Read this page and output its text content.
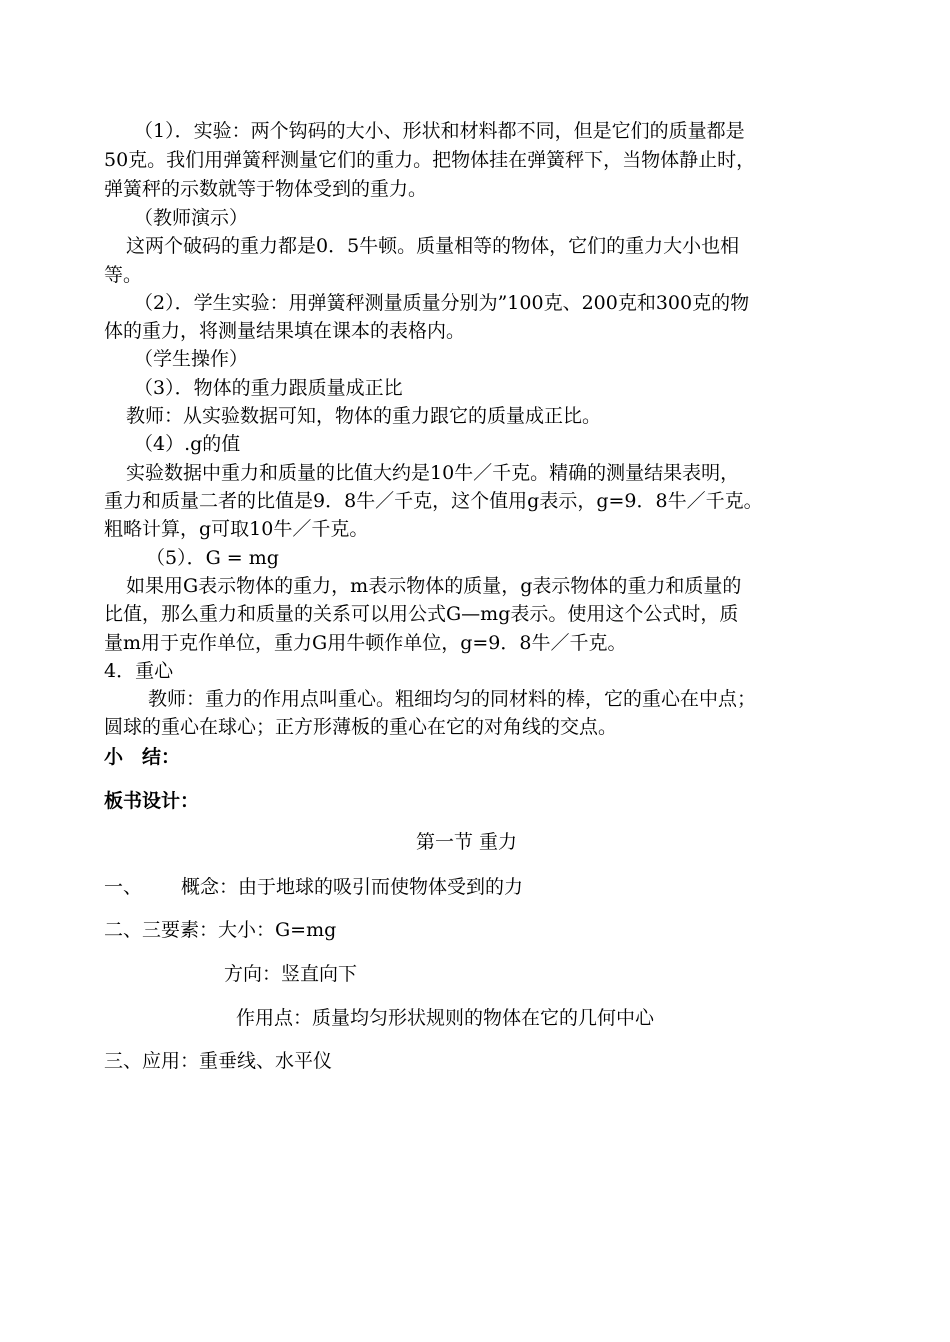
（1）．实验：两个钩码的大小、形状和材料都不同，但是它们的质量都是
50克。我们用弹簧秤测量它们的重力。把物体挂在弹簧秤下，当物体静止时，
弹簧秤的示数就等于物体受到的重力。
（教师演示）
这两个破码的重力都是0．5牛顿。质量相等的物体，它们的重力大小也相
等。
（2）．学生实验：用弹簧秤测量质量分别为”100克、200克和300克的物
体的重力，将测量结果填在课本的表格内。
（学生操作）
（3）．物体的重力跟质量成正比
教师：从实验数据可知，物体的重力跟它的质量成正比。
（4）.g的值
实验数据中重力和质量的比值大约是10牛／千克。精确的测量结果表明，
重力和质量二者的比值是9．8牛／千克，这个值用g表示，g=9．8牛／千克。
粗略计算，g可取10牛／千克。
（5）．G = mg
如果用G表示物体的重力，m表示物体的质量，g表示物体的重力和质量的
比值，那么重力和质量的关系可以用公式G—mg表示。使用这个公式时，质
量m用于克作单位，重力G用牛顿作单位，g=9．8牛／千克。
4．重心
教师：重力的作用点叫重心。粗细均匀的同材料的棒，它的重心在中点；
圆球的重心在球心；正方形薄板的重心在它的对角线的交点。
小　结：
板书设计：
第一节 重力
一、 概念：由于地球的吸引而使物体受到的力
二、三要素：大小：G=mg
方向：竖直向下
作用点：质量均匀形状规则的物体在它的几何中心
三、应用：重垂线、水平仪
